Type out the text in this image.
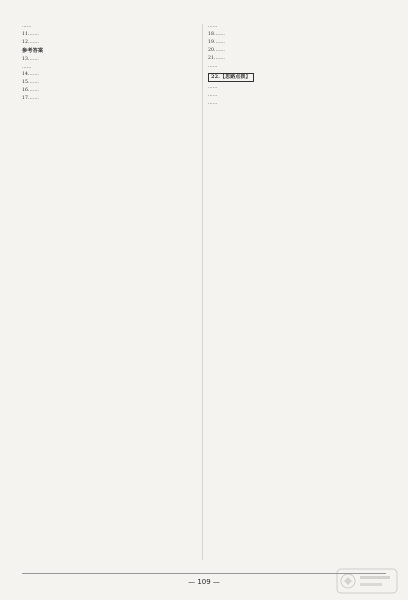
……

11.……

12.……

参考答案

13.……

……

14.……

15.……

16.……

17.……

……

18.……

19.……

20.……

21.……

……

22.【思路点拨】

……

……

……

— 109 —
